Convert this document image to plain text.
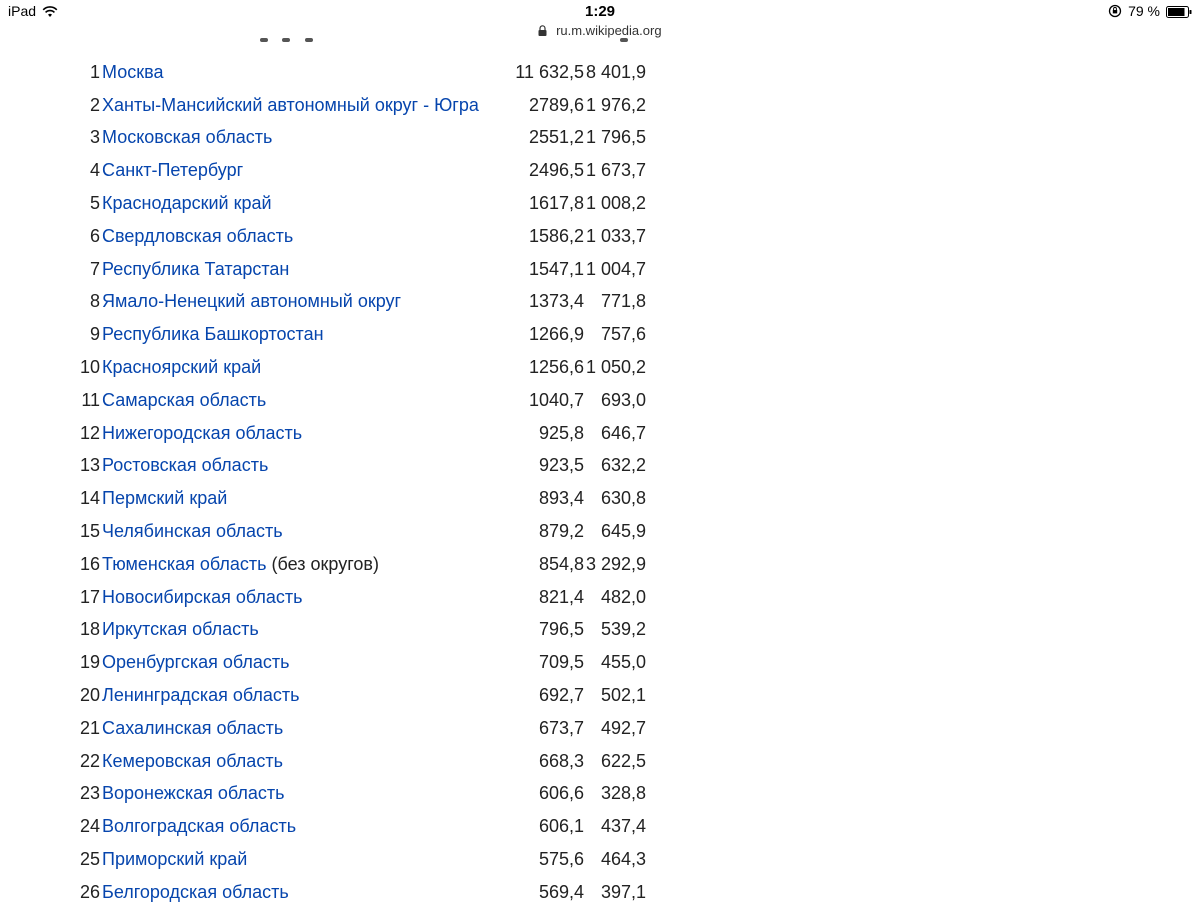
iPad	1:29	79 %
ru.m.wikipedia.org
1	Москва	11 632,5	8 401,9
2	Ханты-Мансийский автономный округ - Югра	2789,6	1 976,2
3	Московская область	2551,2	1 796,5
4	Санкт-Петербург	2496,5	1 673,7
5	Краснодарский край	1617,8	1 008,2
6	Свердловская область	1586,2	1 033,7
7	Республика Татарстан	1547,1	1 004,7
8	Ямало-Ненецкий автономный округ	1373,4	771,8
9	Республика Башкортостан	1266,9	757,6
10	Красноярский край	1256,6	1 050,2
11	Самарская область	1040,7	693,0
12	Нижегородская область	925,8	646,7
13	Ростовская область	923,5	632,2
14	Пермский край	893,4	630,8
15	Челябинская область	879,2	645,9
16	Тюменская область (без округов)	854,8	3 292,9
17	Новосибирская область	821,4	482,0
18	Иркутская область	796,5	539,2
19	Оренбургская область	709,5	455,0
20	Ленинградская область	692,7	502,1
21	Сахалинская область	673,7	492,7
22	Кемеровская область	668,3	622,5
23	Воронежская область	606,6	328,8
24	Волгоградская область	606,1	437,4
25	Приморский край	575,6	464,3
26	Белгородская область	569,4	397,1
